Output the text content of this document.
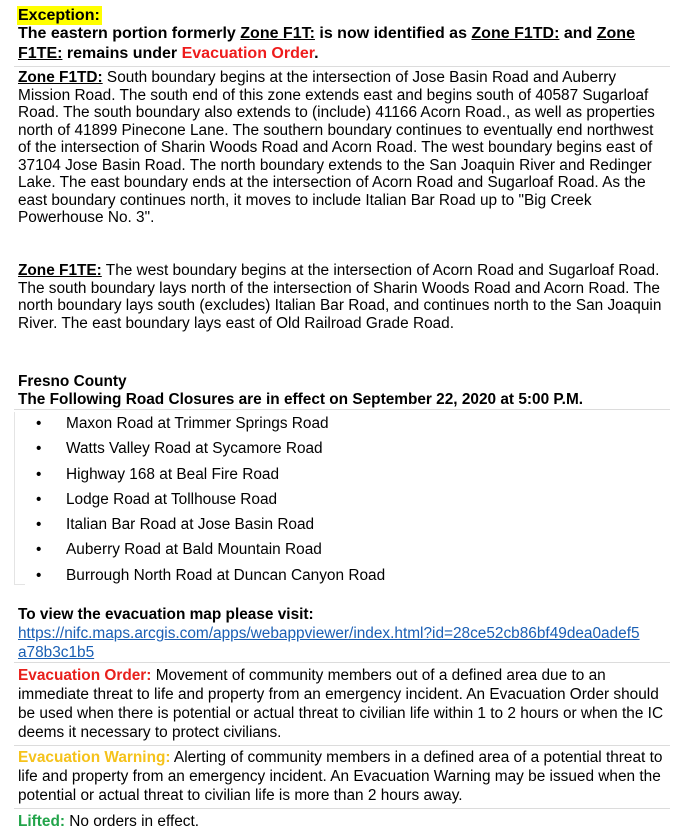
Exception:
The eastern portion formerly Zone F1T: is now identified as Zone F1TD: and Zone F1TE: remains under Evacuation Order.

Zone F1TD: South boundary begins at the intersection of Jose Basin Road and Auberry Mission Road. The south end of this zone extends east and begins south of 40587 Sugarloaf Road. The south boundary also extends to (include) 41166 Acorn Road., as well as properties north of 41899 Pinecone Lane. The southern boundary continues to eventually end northwest of the intersection of Sharin Woods Road and Acorn Road. The west boundary begins east of 37104 Jose Basin Road. The north boundary extends to the San Joaquin River and Redinger Lake. The east boundary ends at the intersection of Acorn Road and Sugarloaf Road. As the east boundary continues north, it moves to include Italian Bar Road up to "Big Creek Powerhouse No. 3".

Zone F1TE: The west boundary begins at the intersection of Acorn Road and Sugarloaf Road. The south boundary lays north of the intersection of Sharin Woods Road and Acorn Road. The north boundary lays south (excludes) Italian Bar Road, and continues north to the San Joaquin River. The east boundary lays east of Old Railroad Grade Road.

Fresno County
The Following Road Closures are in effect on September 22, 2020 at 5:00 P.M.
•	Maxon Road at Trimmer Springs Road
•	Watts Valley Road at Sycamore Road
•	Highway 168 at Beal Fire Road
•	Lodge Road at Tollhouse Road
•	Italian Bar Road at Jose Basin Road
•	Auberry Road at Bald Mountain Road
•	Burrough North Road at Duncan Canyon Road
To view the evacuation map please visit:
https://nifc.maps.arcgis.com/apps/webappviewer/index.html?id=28ce52cb86bf49dea0adef5a78b3c1b5

Evacuation Order: Movement of community members out of a defined area due to an immediate threat to life and property from an emergency incident. An Evacuation Order should be used when there is potential or actual threat to civilian life within 1 to 2 hours or when the IC deems it necessary to protect civilians.

Evacuation Warning: Alerting of community members in a defined area of a potential threat to life and property from an emergency incident. An Evacuation Warning may be issued when the potential or actual threat to civilian life is more than 2 hours away.

Lifted: No orders in effect.
